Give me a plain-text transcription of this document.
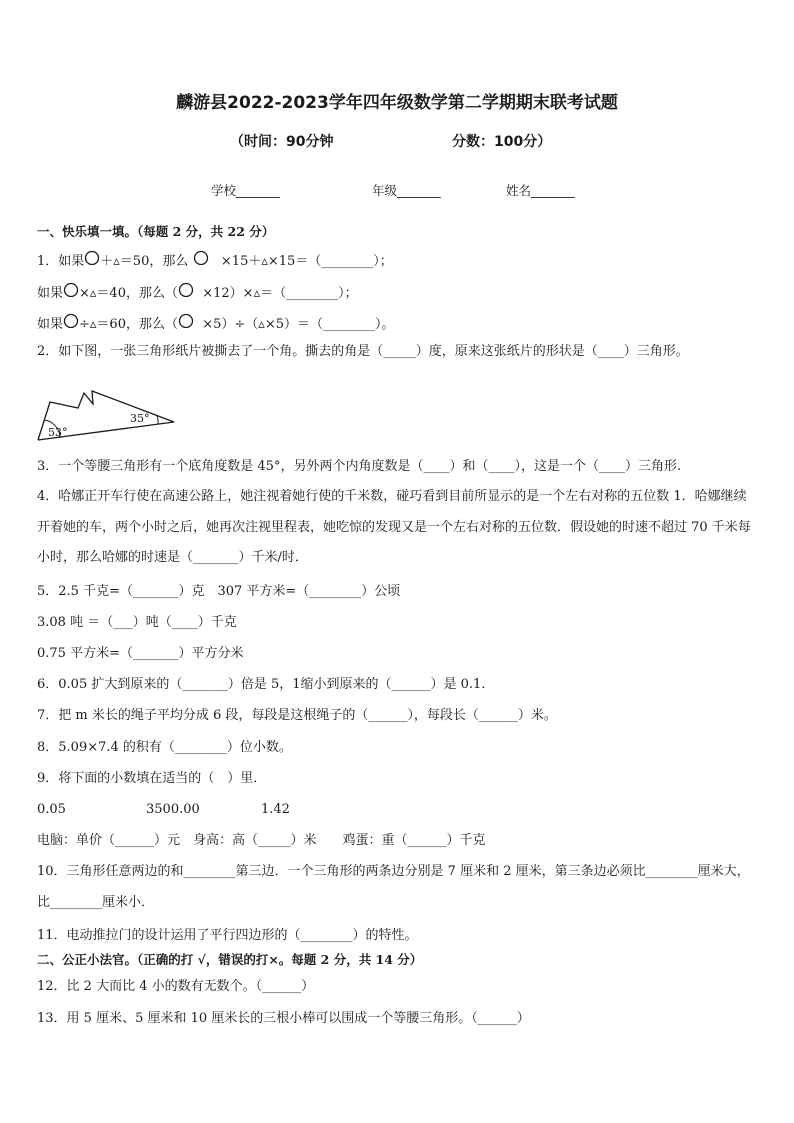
麟游县2022-2023学年四年级数学第二学期期末联考试题
（时间：90分钟	分数：100分）
学校_______	年级_______	姓名_______
一、快乐填一填。（每题 2 分，共 22 分）
1．如果 ＋▵＝50，那么	×15＋▵×15＝（________）；
如果 ×▵＝40，那么（ ×12）×▵＝（________）；
如果 ÷▵＝60，那么（ ×5）÷（▵×5）＝（________）。
2．如下图，一张三角形纸片被撕去了一个角。撕去的角是（_____）度，原来这张纸片的形状是（____）三角形。
53°
35°
3．一个等腰三角形有一个底角度数是 45°，另外两个内角度数是（____）和（____），这是一个（____）三角形.
4．哈娜正开车行使在高速公路上，她注视着她行使的千米数，碰巧看到目前所显示的是一个左右对称的五位数 1．哈娜继续开着她的车，两个小时之后，她再次注视里程表，她吃惊的发现又是一个左右对称的五位数．假设她的时速不超过 70 千米每小时，那么哈娜的时速是（_______）千米/时．
5．2.5 千克=（_______）克　307 平方米=（________）公顷
3.08 吨 ＝（___）吨（____）千克
0.75 平方米=（_______）平方分米
6．0.05 扩大到原来的（_______）倍是 5，1缩小到原来的（______）是 0.1．
7．把 m 米长的绳子平均分成 6 段，每段是这根绳子的（______），每段长（______）米。
8．5.09×7.4 的积有（________）位小数。
9．将下面的小数填在适当的（　）里．
0.05	3500.00	1.42
电脑：单价（______）元　身高：高（_____）米　　鸡蛋：重（______）千克
10．三角形任意两边的和________第三边．一个三角形的两条边分别是 7 厘米和 2 厘米，第三条边必须比________厘米大，比________厘米小．
11．电动推拉门的设计运用了平行四边形的（________）的特性。
二、公正小法官。（正确的打 √，错误的打×。每题 2 分，共 14 分）
12．比 2 大而比 4 小的数有无数个。（______）
13．用 5 厘米、5 厘米和 10 厘米长的三根小棒可以围成一个等腰三角形。（______）
